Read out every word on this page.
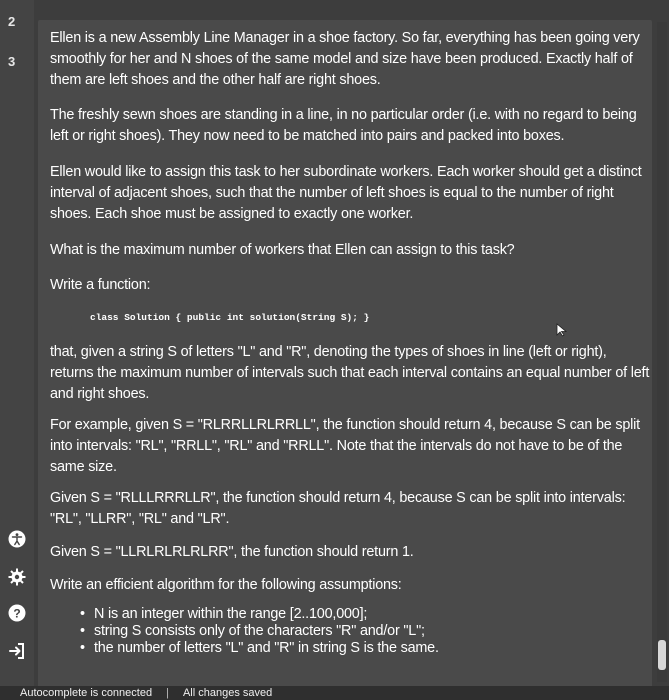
2
3
?
Ellen is a new Assembly Line Manager in a shoe factory. So far, everything has been going very smoothly for her and N shoes of the same model and size have been produced. Exactly half of them are left shoes and the other half are right shoes.
The freshly sewn shoes are standing in a line, in no particular order (i.e. with no regard to being left or right shoes). They now need to be matched into pairs and packed into boxes.
Ellen would like to assign this task to her subordinate workers. Each worker should get a distinct interval of adjacent shoes, such that the number of left shoes is equal to the number of right shoes. Each shoe must be assigned to exactly one worker.
What is the maximum number of workers that Ellen can assign to this task?
Write a function:
class Solution { public int solution(String S); }
that, given a string S of letters "L" and "R", denoting the types of shoes in line (left or right), returns the maximum number of intervals such that each interval contains an equal number of left and right shoes.
For example, given S = "RLRRLLRLRRLL", the function should return 4, because S can be split into intervals: "RL", "RRLL", "RL" and "RRLL". Note that the intervals do not have to be of the same size.
Given S = "RLLLRRRLLR", the function should return 4, because S can be split into intervals: "RL", "LLRR", "RL" and "LR".
Given S = "LLRLRLRLRLRR", the function should return 1.
Write an efficient algorithm for the following assumptions:
• N is an integer within the range [2..100,000];
• string S consists only of the characters "R" and/or "L";
• the number of letters "L" and "R" in string S is the same.
Autocomplete is connected | All changes saved
